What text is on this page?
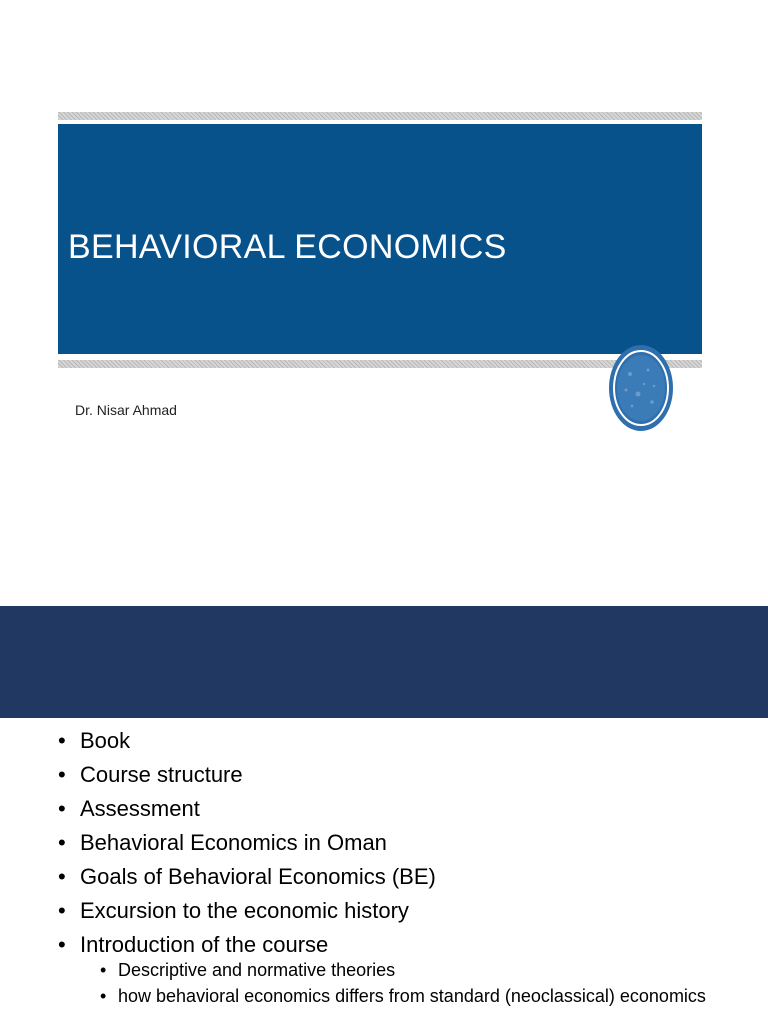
BEHAVIORAL ECONOMICS
Dr. Nisar Ahmad
• Book
• Course structure
• Assessment
• Behavioral Economics in Oman
• Goals of Behavioral Economics (BE)
• Excursion to the economic history
• Introduction of the course
• Descriptive and normative theories
• how behavioral economics differs from standard (neoclassical) economics
